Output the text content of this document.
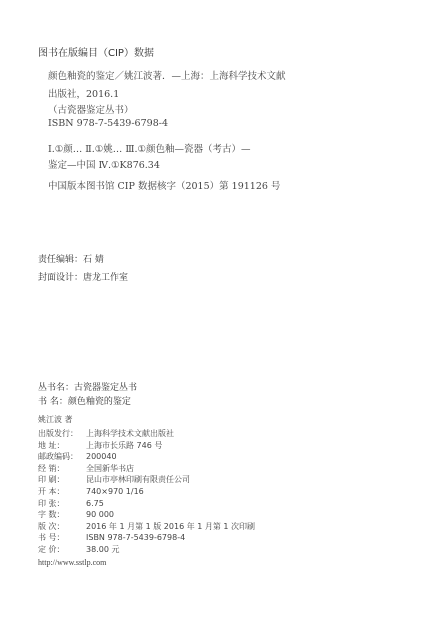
图书在版编目（CIP）数据
颜色釉瓷的鉴定／姚江波著．—上海：上海科学技术文献
出版社，2016.1
（古瓷器鉴定丛书）
ISBN 978-7-5439-6798-4
Ⅰ.①颜… Ⅱ.①姚… Ⅲ.①颜色釉—瓷器（考古）—
鉴定—中国 Ⅳ.①K876.34
中国版本图书馆 CIP 数据核字（2015）第 191126 号
责任编辑：石 婧
封面设计：唐龙工作室
丛书名：古瓷器鉴定丛书
书 名：颜色釉瓷的鉴定
姚江波 著
出版发行： 上海科学技术文献出版社
地 址：	上海市长乐路 746 号
邮政编码： 200040
经 销：	全国新华书店
印 刷：	昆山市亭林印刷有限责任公司
开 本：	740×970 1/16
印 张：	6.75
字 数：	90 000
版 次：	2016 年 1 月第 1 版 2016 年 1 月第 1 次印刷
书 号：	ISBN 978-7-5439-6798-4
定 价：	38.00 元
http://www.sstlp.com
